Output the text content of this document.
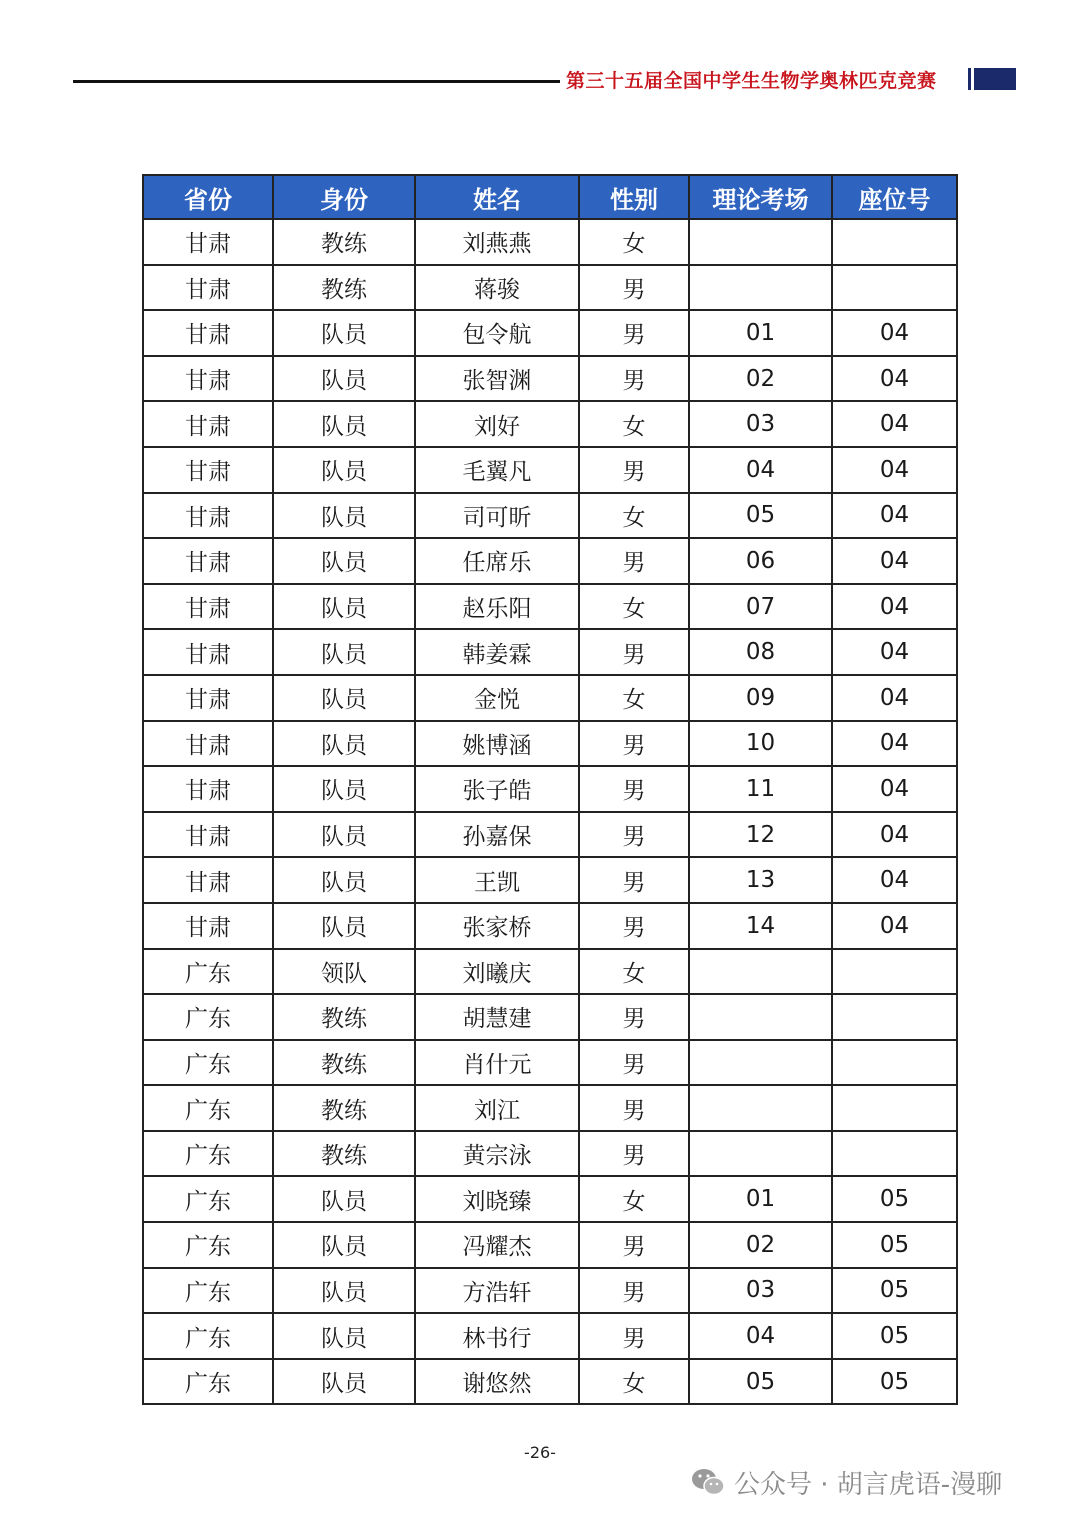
第三十五届全国中学生生物学奥林匹克竞赛
省份	身份	姓名	性别	理论考场	座位号
甘肃	教练	刘燕燕	女		
甘肃	教练	蒋骏	男		
甘肃	队员	包令航	男	01	04
甘肃	队员	张智渊	男	02	04
甘肃	队员	刘好	女	03	04
甘肃	队员	毛翼凡	男	04	04
甘肃	队员	司可昕	女	05	04
甘肃	队员	任席乐	男	06	04
甘肃	队员	赵乐阳	女	07	04
甘肃	队员	韩姜霖	男	08	04
甘肃	队员	金悦	女	09	04
甘肃	队员	姚博涵	男	10	04
甘肃	队员	张子皓	男	11	04
甘肃	队员	孙嘉保	男	12	04
甘肃	队员	王凯	男	13	04
甘肃	队员	张家桥	男	14	04
广东	领队	刘曦庆	女		
广东	教练	胡慧建	男		
广东	教练	肖什元	男		
广东	教练	刘江	男		
广东	教练	黄宗泳	男		
广东	队员	刘晓臻	女	01	05
广东	队员	冯耀杰	男	02	05
广东	队员	方浩轩	男	03	05
广东	队员	林书行	男	04	05
广东	队员	谢悠然	女	05	05
-26-
公众号 · 胡言虎语-漫聊
